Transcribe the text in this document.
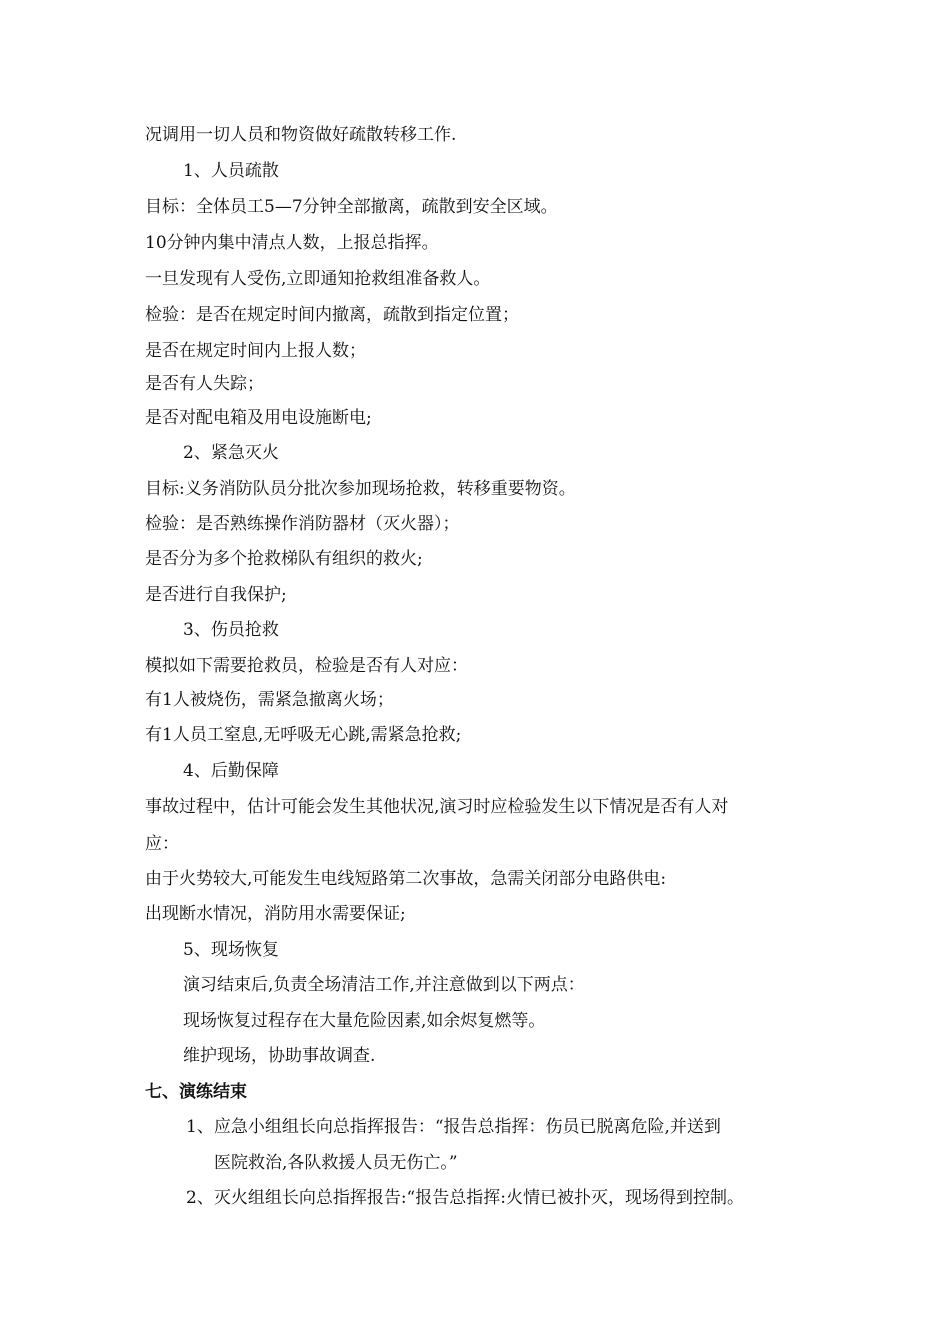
况调用一切人员和物资做好疏散转移工作.
1、人员疏散
目标：全体员工5—7分钟全部撤离，疏散到安全区域。
10分钟内集中清点人数，上报总指挥。
一旦发现有人受伤,立即通知抢救组准备救人。
检验：是否在规定时间内撤离，疏散到指定位置；
是否在规定时间内上报人数；
是否有人失踪；
是否对配电箱及用电设施断电;
2、紧急灭火
目标:义务消防队员分批次参加现场抢救，转移重要物资。
检验：是否熟练操作消防器材（灭火器）；
是否分为多个抢救梯队有组织的救火;
是否进行自我保护;
3、伤员抢救
模拟如下需要抢救员，检验是否有人对应：
有1人被烧伤，需紧急撤离火场；
有1人员工窒息,无呼吸无心跳,需紧急抢救;
4、后勤保障
事故过程中，估计可能会发生其他状况,演习时应检验发生以下情况是否有人对
应：
由于火势较大,可能发生电线短路第二次事故，急需关闭部分电路供电:
出现断水情况，消防用水需要保证;
5、现场恢复
演习结束后,负责全场清洁工作,并注意做到以下两点：
现场恢复过程存在大量危险因素,如余烬复燃等。
维护现场，协助事故调查.
七、演练结束
1、应急小组组长向总指挥报告：“报告总指挥：伤员已脱离危险,并送到
医院救治,各队救援人员无伤亡。”
2、灭火组组长向总指挥报告:“报告总指挥:火情已被扑灭，现场得到控制。
